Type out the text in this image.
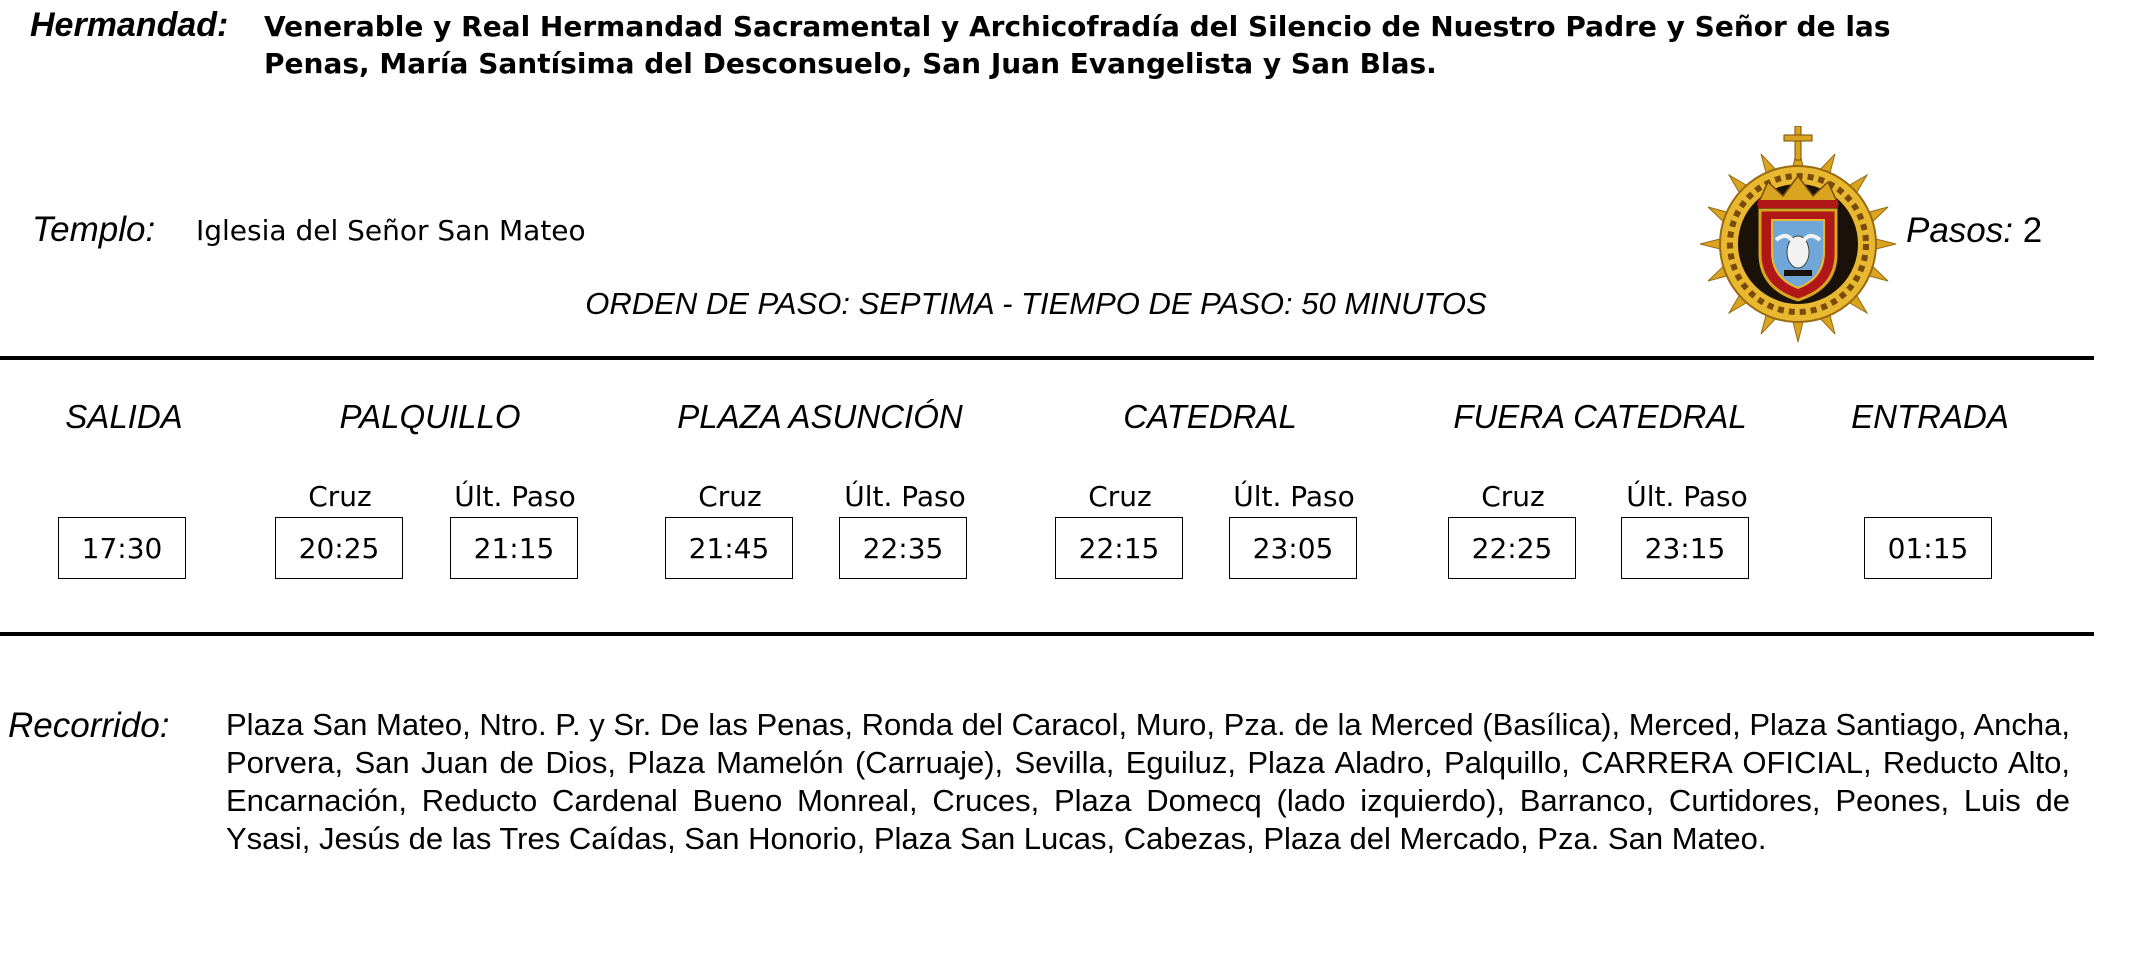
Hermandad: Venerable y Real Hermandad Sacramental y Archicofradía del Silencio de Nuestro Padre y Señor de las Penas, María Santísima del Desconsuelo, San Juan Evangelista y San Blas.
Templo: Iglesia del Señor San Mateo
ORDEN DE PASO: SEPTIMA - TIEMPO DE PASO: 50 MINUTOS
Pasos: 2
SALIDA
17:30
PALQUILLO
Cruz	Últ. Paso
20:25	21:15
PLAZA ASUNCIÓN
Cruz	Últ. Paso
21:45	22:35
CATEDRAL
Cruz	Últ. Paso
22:15	23:05
FUERA CATEDRAL
Cruz	Últ. Paso
22:25	23:15
ENTRADA
01:15
Recorrido: Plaza San Mateo, Ntro. P. y Sr. De las Penas, Ronda del Caracol, Muro, Pza. de la Merced (Basílica), Merced, Plaza Santiago, Ancha, Porvera, San Juan de Dios, Plaza Mamelón (Carruaje), Sevilla, Eguiluz, Plaza Aladro, Palquillo, CARRERA OFICIAL, Reducto Alto, Encarnación, Reducto Cardenal Bueno Monreal, Cruces, Plaza Domecq (lado izquierdo), Barranco, Curtidores, Peones, Luis de Ysasi, Jesús de las Tres Caídas, San Honorio, Plaza San Lucas, Cabezas, Plaza del Mercado, Pza. San Mateo.
